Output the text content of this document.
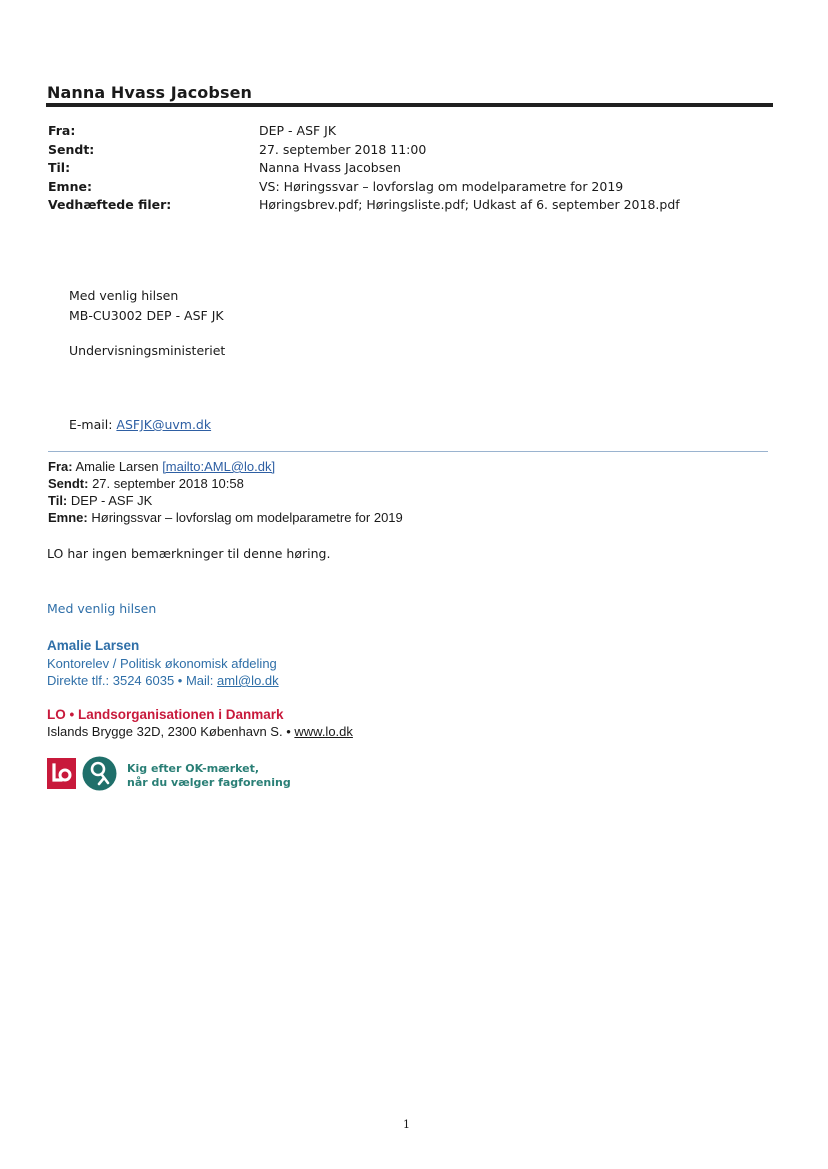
Nanna Hvass Jacobsen
Fra:	DEP - ASF JK
Sendt:	27. september 2018 11:00
Til:	Nanna Hvass Jacobsen
Emne:	VS: Høringssvar – lovforslag om modelparametre for 2019
Vedhæftede filer:	Høringsbrev.pdf; Høringsliste.pdf; Udkast af 6. september 2018.pdf
Med venlig hilsen
MB-CU3002 DEP - ASF JK
Undervisningsministeriet
E-mail: ASFJK@uvm.dk
Fra: Amalie Larsen [mailto:AML@lo.dk]
Sendt: 27. september 2018 10:58
Til: DEP - ASF JK
Emne: Høringssvar – lovforslag om modelparametre for 2019
LO har ingen bemærkninger til denne høring.
Med venlig hilsen
Amalie Larsen
Kontorelev / Politisk økonomisk afdeling
Direkte tlf.: 3524 6035 • Mail: aml@lo.dk
LO • Landsorganisationen i Danmark
Islands Brygge 32D, 2300 København S. • www.lo.dk
Kig efter OK-mærket,
når du vælger fagforening
1
